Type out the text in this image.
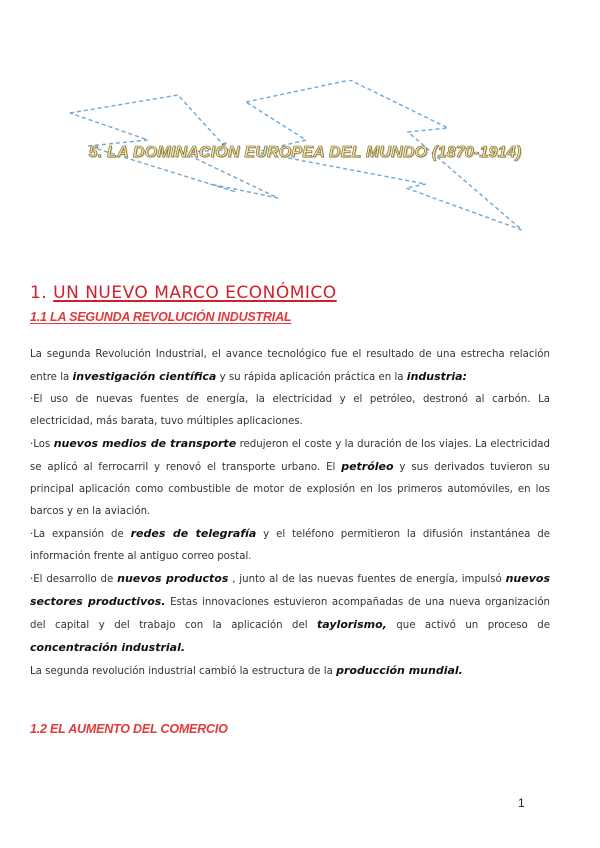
5. LA DOMINACIÓN EUROPEA DEL MUNDO (1870-1914)
1. UN NUEVO MARCO ECONÓMICO
1.1 LA SEGUNDA REVOLUCIÓN INDUSTRIAL

La segunda Revolución Industrial, el avance tecnológico fue el resultado de una estrecha relación entre la investigación científica y su rápida aplicación práctica en la industria:

·El uso de nuevas fuentes de energía, la electricidad y el petróleo, destronó al carbón. La electricidad, más barata, tuvo múltiples aplicaciones.

·Los nuevos medios de transporte redujeron el coste y la duración de los viajes. La electricidad se aplicó al ferrocarril y renovó el transporte urbano. El petróleo y sus derivados tuvieron su principal aplicación como combustible de motor de explosión en los primeros automóviles, en los barcos y en la aviación.

·La expansión de redes de telegrafía y el teléfono permitieron la difusión instantánea de información frente al antiguo correo postal.

·El desarrollo de nuevos productos , junto al de las nuevas fuentes de energía, impulsó nuevos sectores productivos. Estas innovaciones estuvieron acompañadas de una nueva organización del capital y del trabajo con la aplicación del taylorismo, que activó un proceso de concentración industrial.

La segunda revolución industrial cambió la estructura de la producción mundial.

1.2 EL AUMENTO DEL COMERCIO
1
